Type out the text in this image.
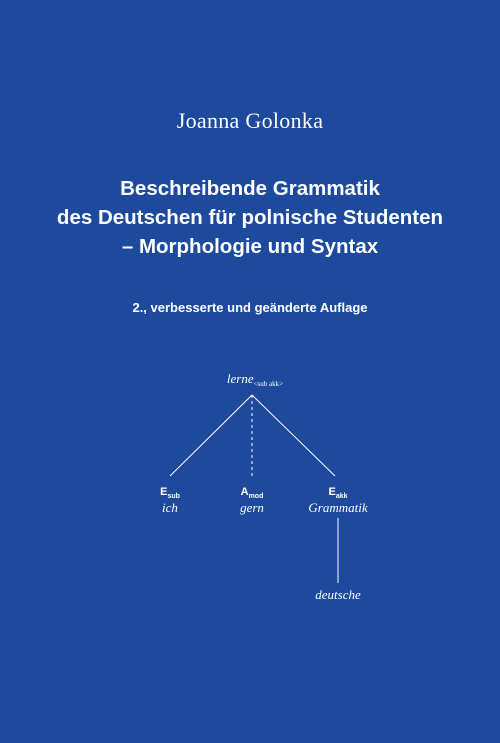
Joanna Golonka
Beschreibende Grammatik
des Deutschen für polnische Studenten
– Morphologie und Syntax
2., verbesserte und geänderte Auflage
lerne$_{<sub akk>}$
$E_{sub}$
ich
$A_{mod}$
gern
$E_{akk}$
Grammatik
deutsche
